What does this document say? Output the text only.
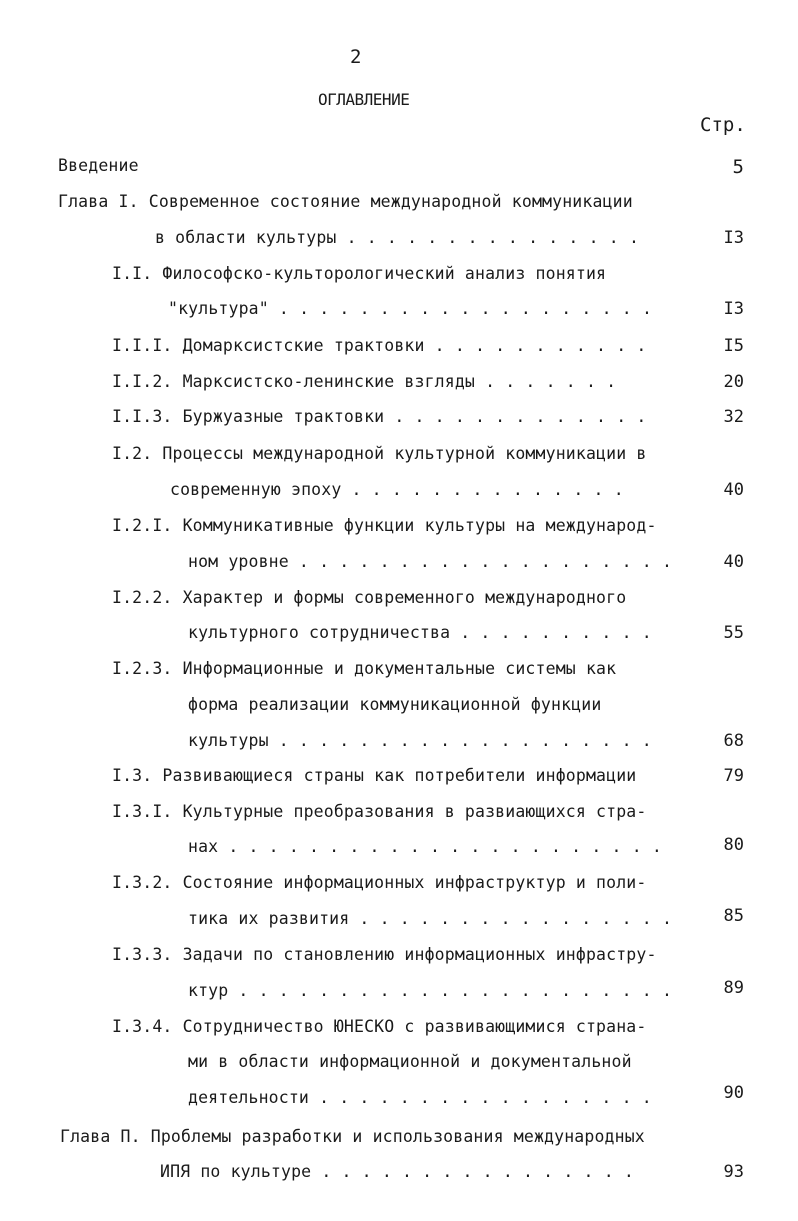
2
ОГЛАВЛЕНИЕ
Стр.
Введение	5
Глава I. Современное состояние международной коммуникации
в области культуры . . . . . . . . . . . . . . .	I3
I.I. Философско-культорологический анализ понятия
"культура" . . . . . . . . . . . . . . . . . . .	I3
I.I.I. Домарксистские трактовки . . . . . . . . . . .	I5
I.I.2. Марксистско-ленинские взгляды . . . . . . .	20
I.I.3. Буржуазные трактовки . . . . . . . . . . . . .	32
I.2. Процессы международной культурной коммуникации в
современную эпоху . . . . . . . . . . . . . .	40
I.2.I. Коммуникативные функции культуры на международ-
ном уровне . . . . . . . . . . . . . . . . . . .	40
I.2.2. Характер и формы современного международного
культурного сотрудничества . . . . . . . . . .	55
I.2.3. Информационные и документальные системы как
форма реализации коммуникационной функции
культуры . . . . . . . . . . . . . . . . . . .	68
I.3. Развивающиеся страны как потребители информации	79
I.3.I. Культурные преобразования в развиающихся стра-
нах . . . . . . . . . . . . . . . . . . . . . .	80
I.3.2. Состояние информационных инфраструктур и поли-
тика их развития . . . . . . . . . . . . . . . .	85
I.3.3. Задачи по становлению информационных инфрастру-
ктур . . . . . . . . . . . . . . . . . . . . . .	89
I.3.4. Сотрудничество ЮНЕСКО с развивающимися страна-
ми в области информационной и документальной
деятельности . . . . . . . . . . . . . . . . .	90
Глава П. Проблемы разработки и использования международных
ИПЯ по культуре . . . . . . . . . . . . . . . .	93
